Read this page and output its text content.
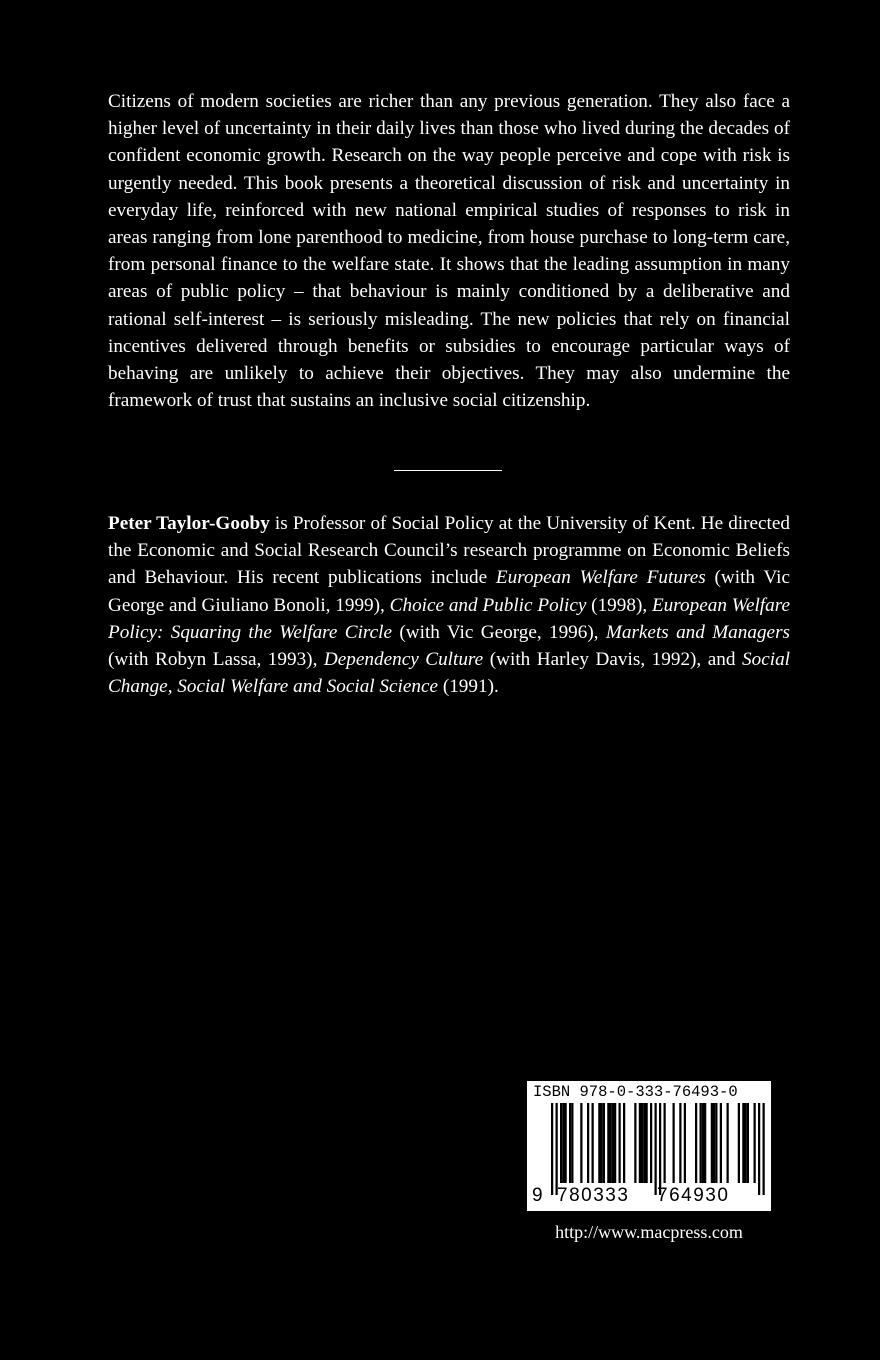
Citizens of modern societies are richer than any previous generation. They also face a higher level of uncertainty in their daily lives than those who lived during the decades of confident economic growth. Research on the way people perceive and cope with risk is urgently needed. This book presents a theoretical discussion of risk and uncertainty in everyday life, reinforced with new national empirical studies of responses to risk in areas ranging from lone parenthood to medicine, from house purchase to long-term care, from personal finance to the welfare state. It shows that the leading assumption in many areas of public policy – that behaviour is mainly conditioned by a deliberative and rational self-interest – is seriously misleading. The new policies that rely on financial incentives delivered through benefits or subsidies to encourage particular ways of behaving are unlikely to achieve their objectives. They may also undermine the framework of trust that sustains an inclusive social citizenship.

Peter Taylor-Gooby is Professor of Social Policy at the University of Kent. He directed the Economic and Social Research Council’s research programme on Economic Beliefs and Behaviour. His recent publications include European Welfare Futures (with Vic George and Giuliano Bonoli, 1999), Choice and Public Policy (1998), European Welfare Policy: Squaring the Welfare Circle (with Vic George, 1996), Markets and Managers (with Robyn Lassa, 1993), Dependency Culture (with Harley Davis, 1992), and Social Change, Social Welfare and Social Science (1991).

ISBN 978-0-333-76493-0
9 780333 764930
http://www.macpress.com
